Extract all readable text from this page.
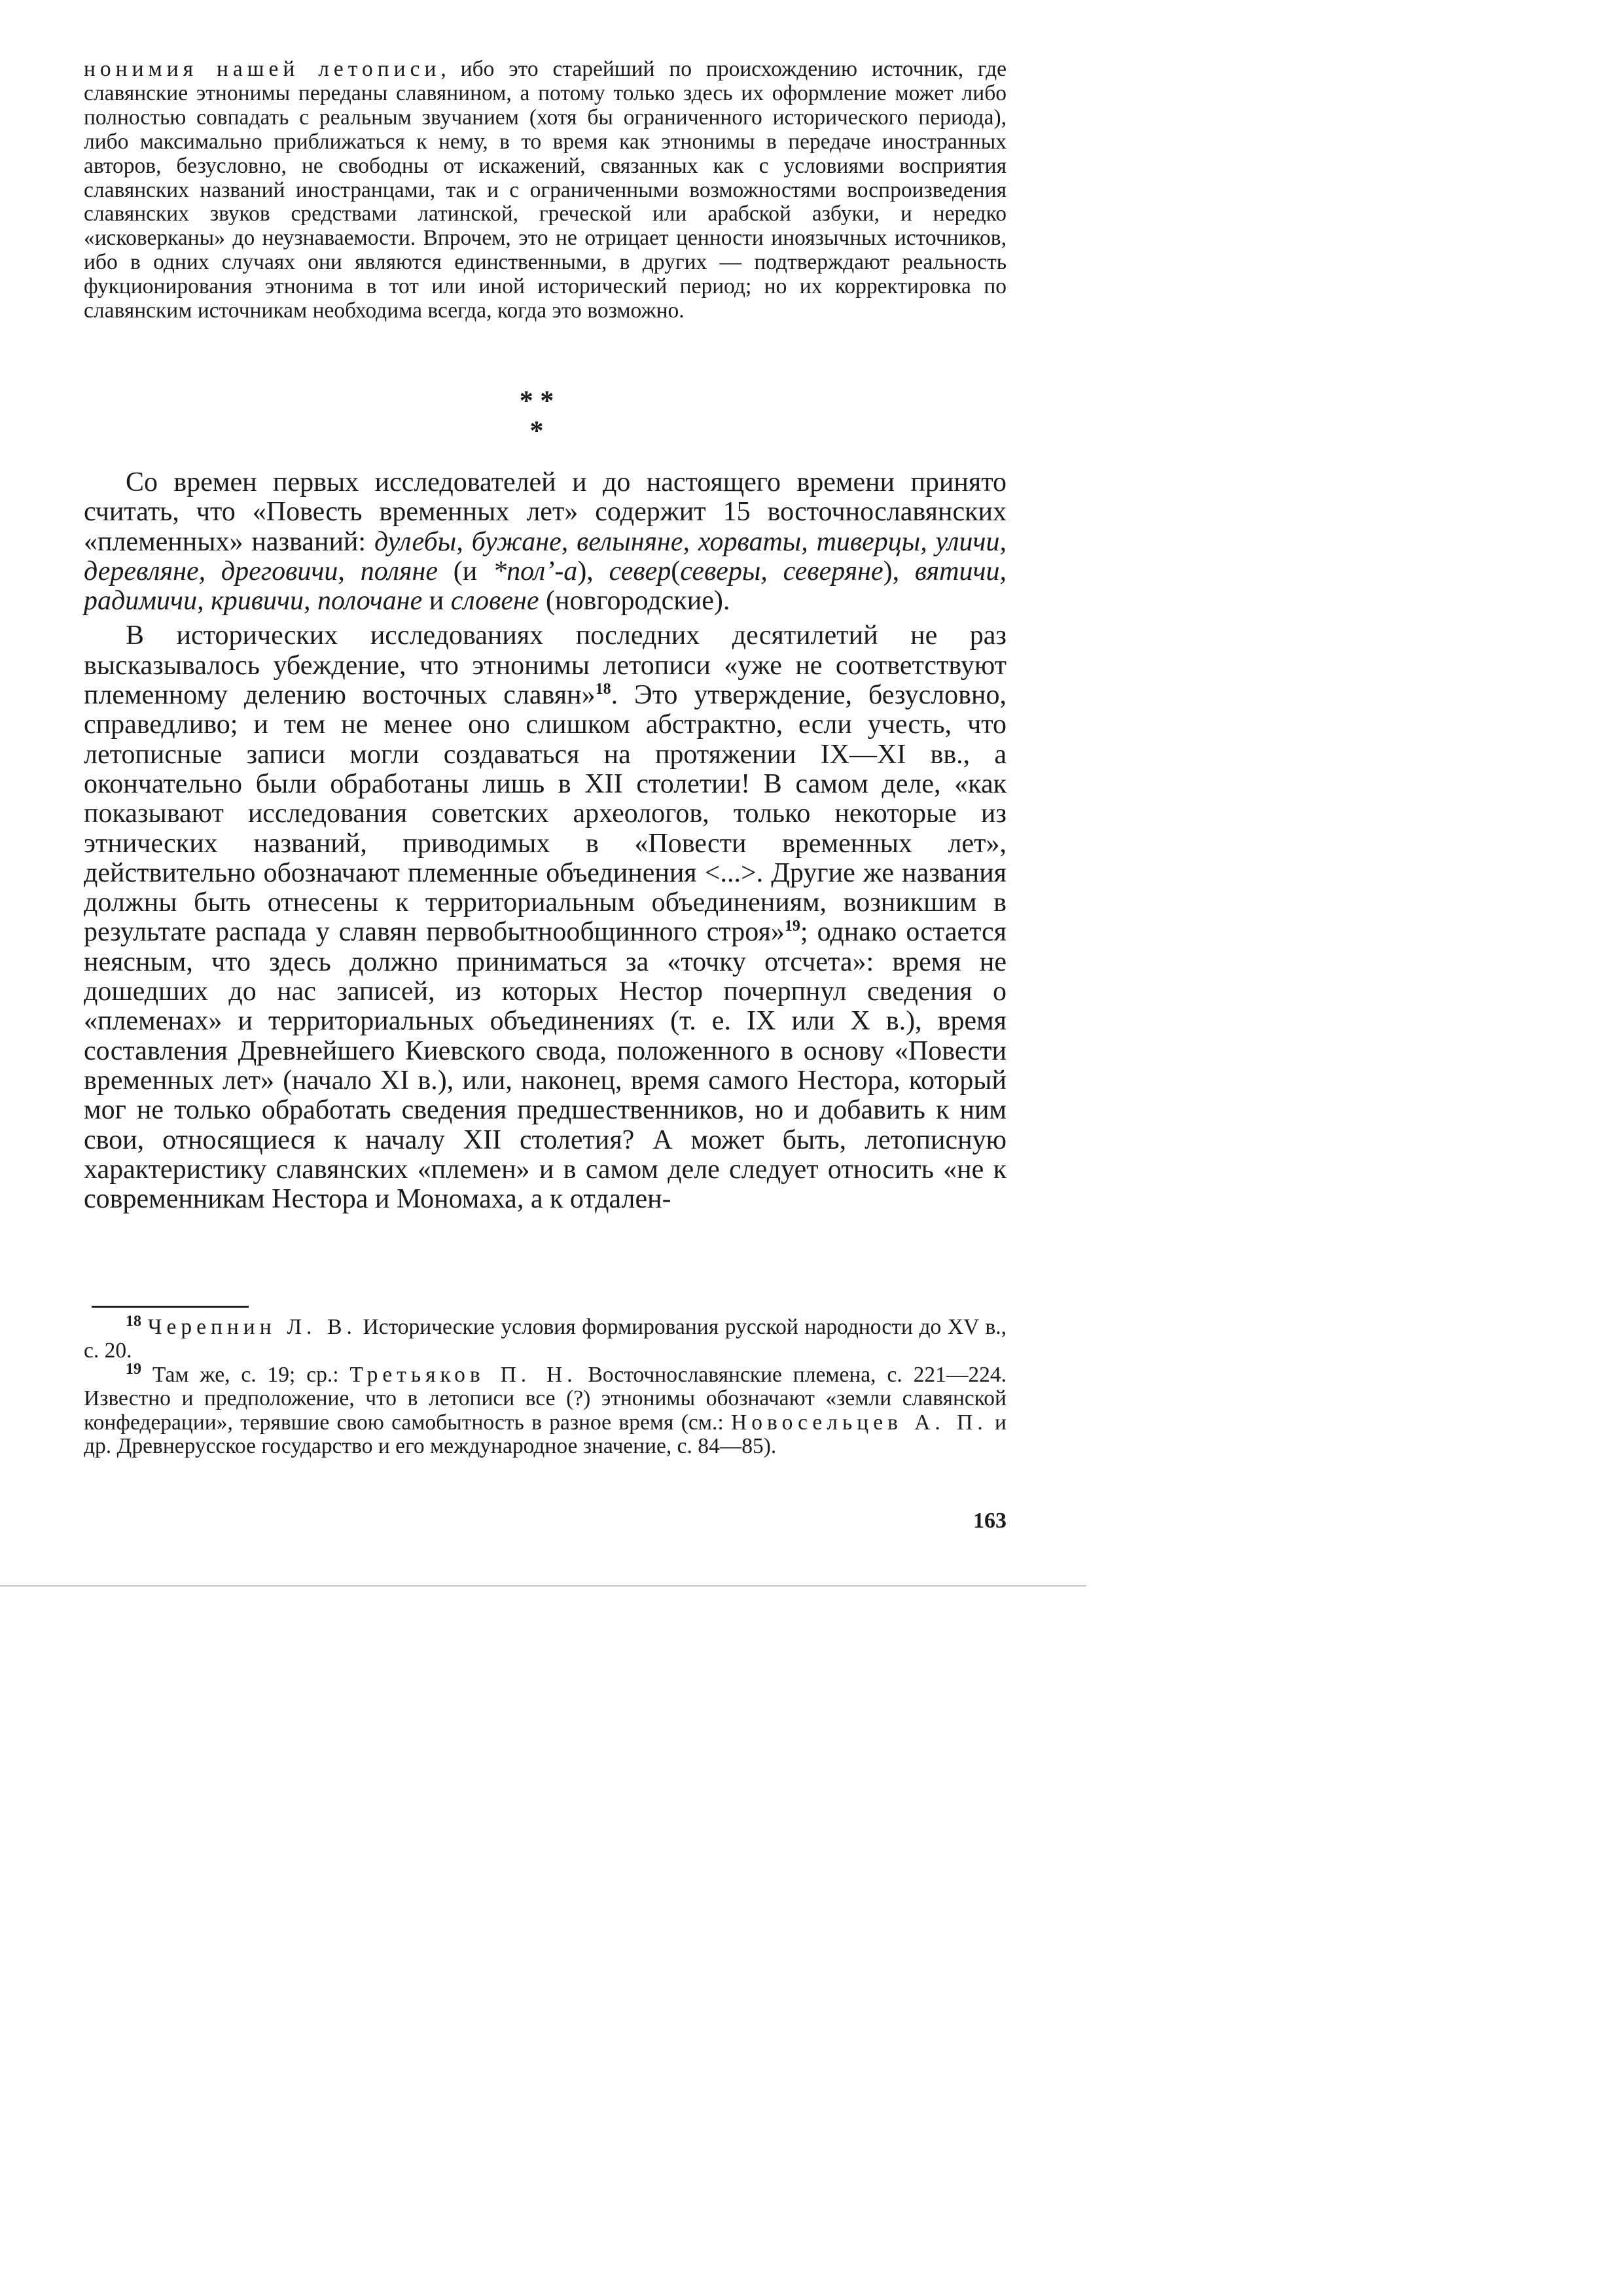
нонимия нашей летописи, ибо это старейший по происхождению источник, где славянские этнонимы переданы славянином, а потому только здесь их оформление может либо полностью совпадать с реальным звучанием (хотя бы ограниченного исторического периода), либо максимально приближаться к нему, в то время как этнонимы в передаче иностранных авторов, безусловно, не свободны от искажений, связанных как с условиями восприятия славянских названий иностранцами, так и с ограниченными возможностями воспроизведения славянских звуков средствами латинской, греческой или арабской азбуки, и нередко «исковерканы» до неузнаваемости. Впрочем, это не отрицает ценности иноязычных источников, ибо в одних случаях они являются единственными, в других — подтверждают реальность фукционирования этнонима в тот или иной исторический период; но их корректировка по славянским источникам необходима всегда, когда это возможно.

* *
*

Со времен первых исследователей и до настоящего времени принято считать, что «Повесть временных лет» содержит 15 восточнославянских «племенных» названий: дулебы, бужане, велыняне, хорваты, тиверцы, уличи, деревляне, дреговичи, поляне (и *пол’-а), север(северы, северяне), вятичи, радимичи, кривичи, полочане и словене (новгородские).

В исторических исследованиях последних десятилетий не раз высказывалось убеждение, что этнонимы летописи «уже не соответствуют племенному делению восточных славян»$^{18}$. Это утверждение, безусловно, справедливо; и тем не менее оно слишком абстрактно, если учесть, что летописные записи могли создаваться на протяжении IX—XI вв., а окончательно были обработаны лишь в XII столетии! В самом деле, «как показывают исследования советских археологов, только некоторые из этнических названий, приводимых в «Повести временных лет», действительно обозначают племенные объединения <...>. Другие же названия должны быть отнесены к территориальным объединениям, возникшим в результате распада у славян первобытнообщинного строя»$^{19}$; однако остается неясным, что здесь должно приниматься за «точку отсчета»: время не дошедших до нас записей, из которых Нестор почерпнул сведения о «племенах» и территориальных объединениях (т. е. IX или X в.), время составления Древнейшего Киевского свода, положенного в основу «Повести временных лет» (начало XI в.), или, наконец, время самого Нестора, который мог не только обработать сведения предшественников, но и добавить к ним свои, относящиеся к началу XII столетия? А может быть, летописную характеристику славянских «племен» и в самом деле следует относить «не к современникам Нестора и Мономаха, а к отдален-

$^{18}$ Черепнин Л. В. Исторические условия формирования русской народности до XV в., с. 20.

$^{19}$ Там же, с. 19; ср.: Третьяков П. Н. Восточнославянские племена, с. 221—224. Известно и предположение, что в летописи все (?) этнонимы обозначают «земли славянской конфедерации», терявшие свою самобытность в разное время (см.: Новосельцев А. П. и др. Древнерусское государство и его международное значение, с. 84—85).

163
